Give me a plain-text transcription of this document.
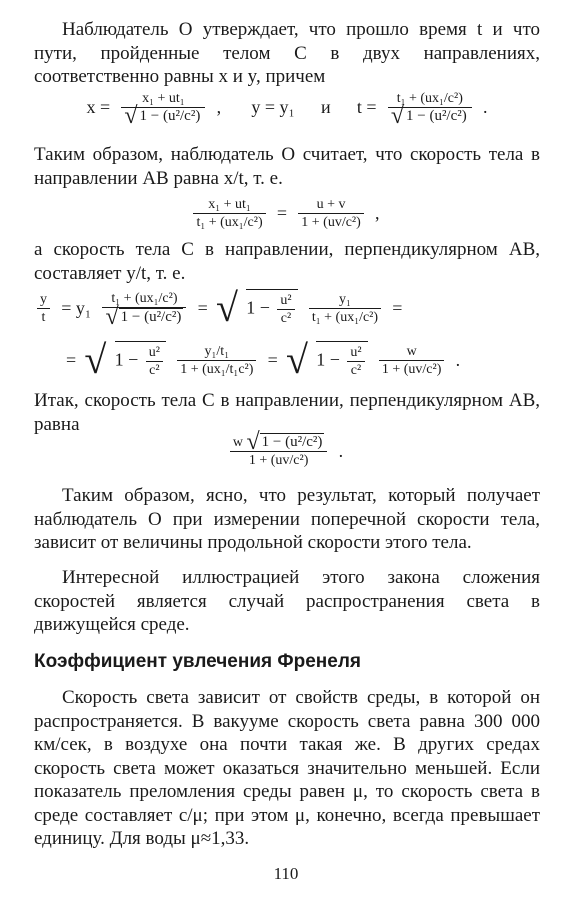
Наблюдатель O утверждает, что прошло время t и что пути, пройденные телом C в двух направлениях, соответственно равны x и y, причем

$x = \frac{\text{x₁ + ut₁}}{\text{√ 1 − (u²/c²)}}$ , y = y₁ и $t = \frac{\text{t₁ + (ux₁/c²)}}{\text{√ 1 − (u²/c²)}}$ .

Таким образом, наблюдатель O считает, что скорость тела в направлении AB равна x/t, т. е.

$\frac{\text{x₁ + ut₁}}{\text{t₁ + (ux₁/c²)}} = \frac{u + v}{\text{1 + (uv/c²)}}$ ,

а скорость тела C в направлении, перпендикулярном AB, составляет y/t, т. е.

$\frac{y}{t} = y_1 \frac{\text{t₁ + (ux₁/c²)}}{\text{√ 1 − (u²/c²)}}$ = √ $1 - \frac{\text{u²}}{\text{c²}}$
$\frac{\text{y₁}}{\text{t₁ + (ux₁/c²)}}$ =
= √ $1 - \frac{\text{u²}}{\text{c²}}$
$\frac{\text{y₁/t₁}}{\text{1 + (ux₁/t₁c²)}}$ = √ $1 - \frac{\text{u²}}{\text{c²}}$
$\frac{w}{\text{1 + (uv/c²)}}$ .

Итак, скорость тела C в направлении, перпендикулярном AB, равна

$\frac{\text{w √ 1 − (u²/c²)}}{\text{1 + (uv/c²)}}$ .

Таким образом, ясно, что результат, который получает наблюдатель O при измерении поперечной скорости тела, зависит от величины продольной скорости этого тела.

Интересной иллюстрацией этого закона сложения скоростей является случай распространения света в движущейся среде.

Коэффициент увлечения Френеля

Скорость света зависит от свойств среды, в которой он распространяется. В вакууме скорость света равна 300 000 км/сек, в воздухе она почти такая же. В других средах скорость света может оказаться значительно меньшей. Если показатель преломления среды равен μ, то скорость света в среде составляет c/μ; при этом μ, конечно, всегда превышает единицу. Для воды μ≈1,33.

110
